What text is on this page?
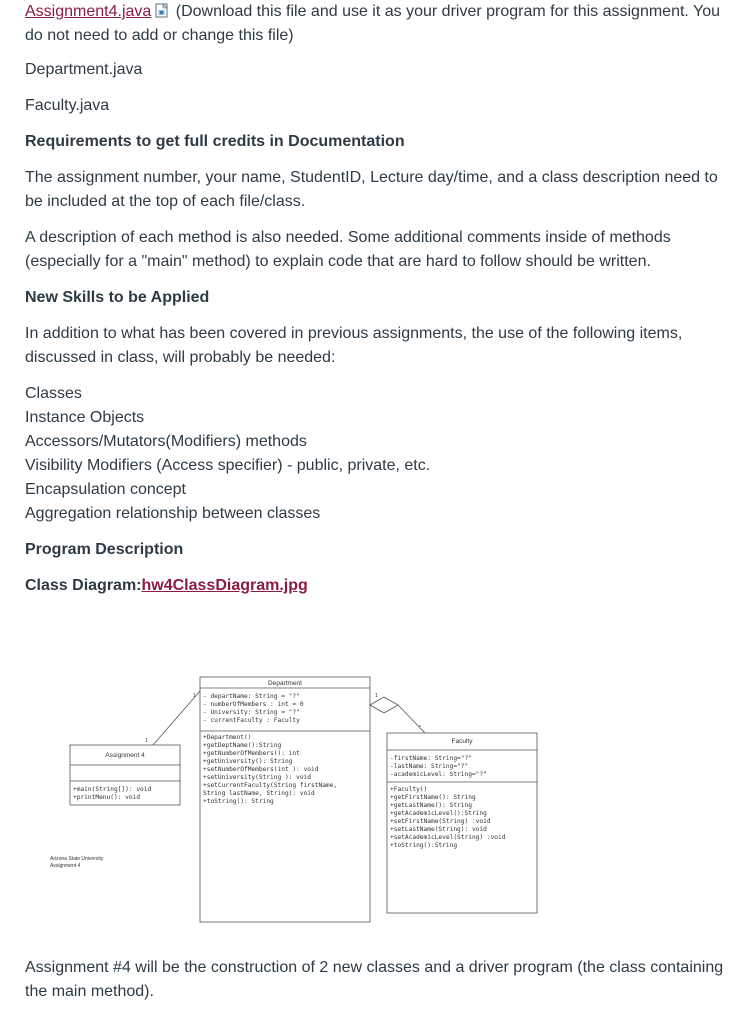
Assignment4.java (Download this file and use it as your driver program for this assignment. You do not need to add or change this file)

Department.java

Faculty.java

Requirements to get full credits in Documentation

The assignment number, your name, StudentID, Lecture day/time, and a class description need to be included at the top of each file/class.

A description of each method is also needed. Some additional comments inside of methods (especially for a "main" method) to explain code that are hard to follow should be written.

New Skills to be Applied

In addition to what has been covered in previous assignments, the use of the following items, discussed in class, will probably be needed:

Classes
Instance Objects
Accessors/Mutators(Modifiers) methods
Visibility Modifiers (Access specifier) - public, private, etc.
Encapsulation concept
Aggregation relationship between classes

Program Description

Class Diagram:hw4ClassDiagram.jpg

Assignment #4 will be the construction of 2 new classes and a driver program (the class containing the main method).

Department
- departName: String = "?"
- numberOfMembers : int = 0
- University: String = "?"
- currentFaculty : Faculty
+Department()
+getDeptName():String
+getNumberOfMembers(): int
+getUniversity(): String
+setNumberOfMembers(int ): void
+setUniversity(String ): void
+setCurrentFaculty(String firstName,
String lastName, String): void
+toString(): String
Assignment 4
+main(String[]): void
+printMenu(): void
Faculty
-firstName: String="?"
-lastName: String="?"
-academicLevel: String="?"
+Faculty()
+getFirstName(): String
+getLastName(): String
+getAcademicLevel():String
+setFirstName(String) :void
+setLastName(String): void
+setAcademicLevel(String) :void
+toString():String
1
1	1
*
Arizona State University
Assignment 4
